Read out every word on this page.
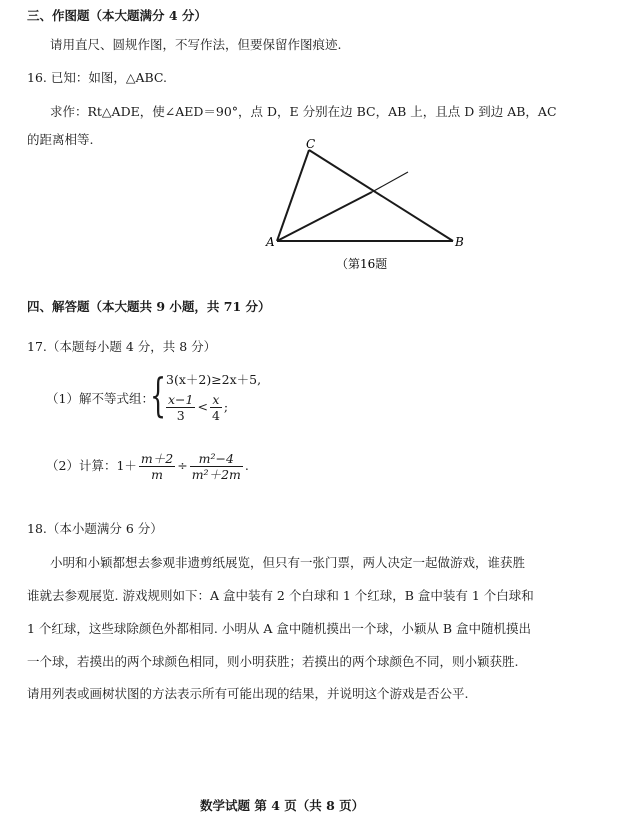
三、作图题（本大题满分 4 分）
请用直尺、圆规作图，不写作法，但要保留作图痕迹.
16. 已知：如图，△ABC.
求作：Rt△ADE，使∠AED＝90°，点 D，E 分别在边 BC，AB 上，且点 D 到边 AB，AC
的距离相等.	C
A	B
（第16题
四、解答题（本大题共 9 小题，共 71 分）
17.（本题每小题 4 分，共 8 分）
（1）解不等式组：
{ 3(x＋2)≥2x＋5,
$\frac{x-1}{3} < \frac{x}{4}$ ;
（2）计算：$1+ \frac{m+2}{m} \div \frac{\text{m²−4}}{\text{m²＋2m}}$ .
18.（本小题满分 6 分）
小明和小颖都想去参观非遗剪纸展览，但只有一张门票，两人决定一起做游戏，谁获胜
谁就去参观展览. 游戏规则如下：A 盒中装有 2 个白球和 1 个红球，B 盒中装有 1 个白球和
1 个红球，这些球除颜色外都相同. 小明从 A 盒中随机摸出一个球，小颖从 B 盒中随机摸出
一个球，若摸出的两个球颜色相同，则小明获胜；若摸出的两个球颜色不同，则小颖获胜.
请用列表或画树状图的方法表示所有可能出现的结果，并说明这个游戏是否公平.
数学试题 第 4 页（共 8 页）
